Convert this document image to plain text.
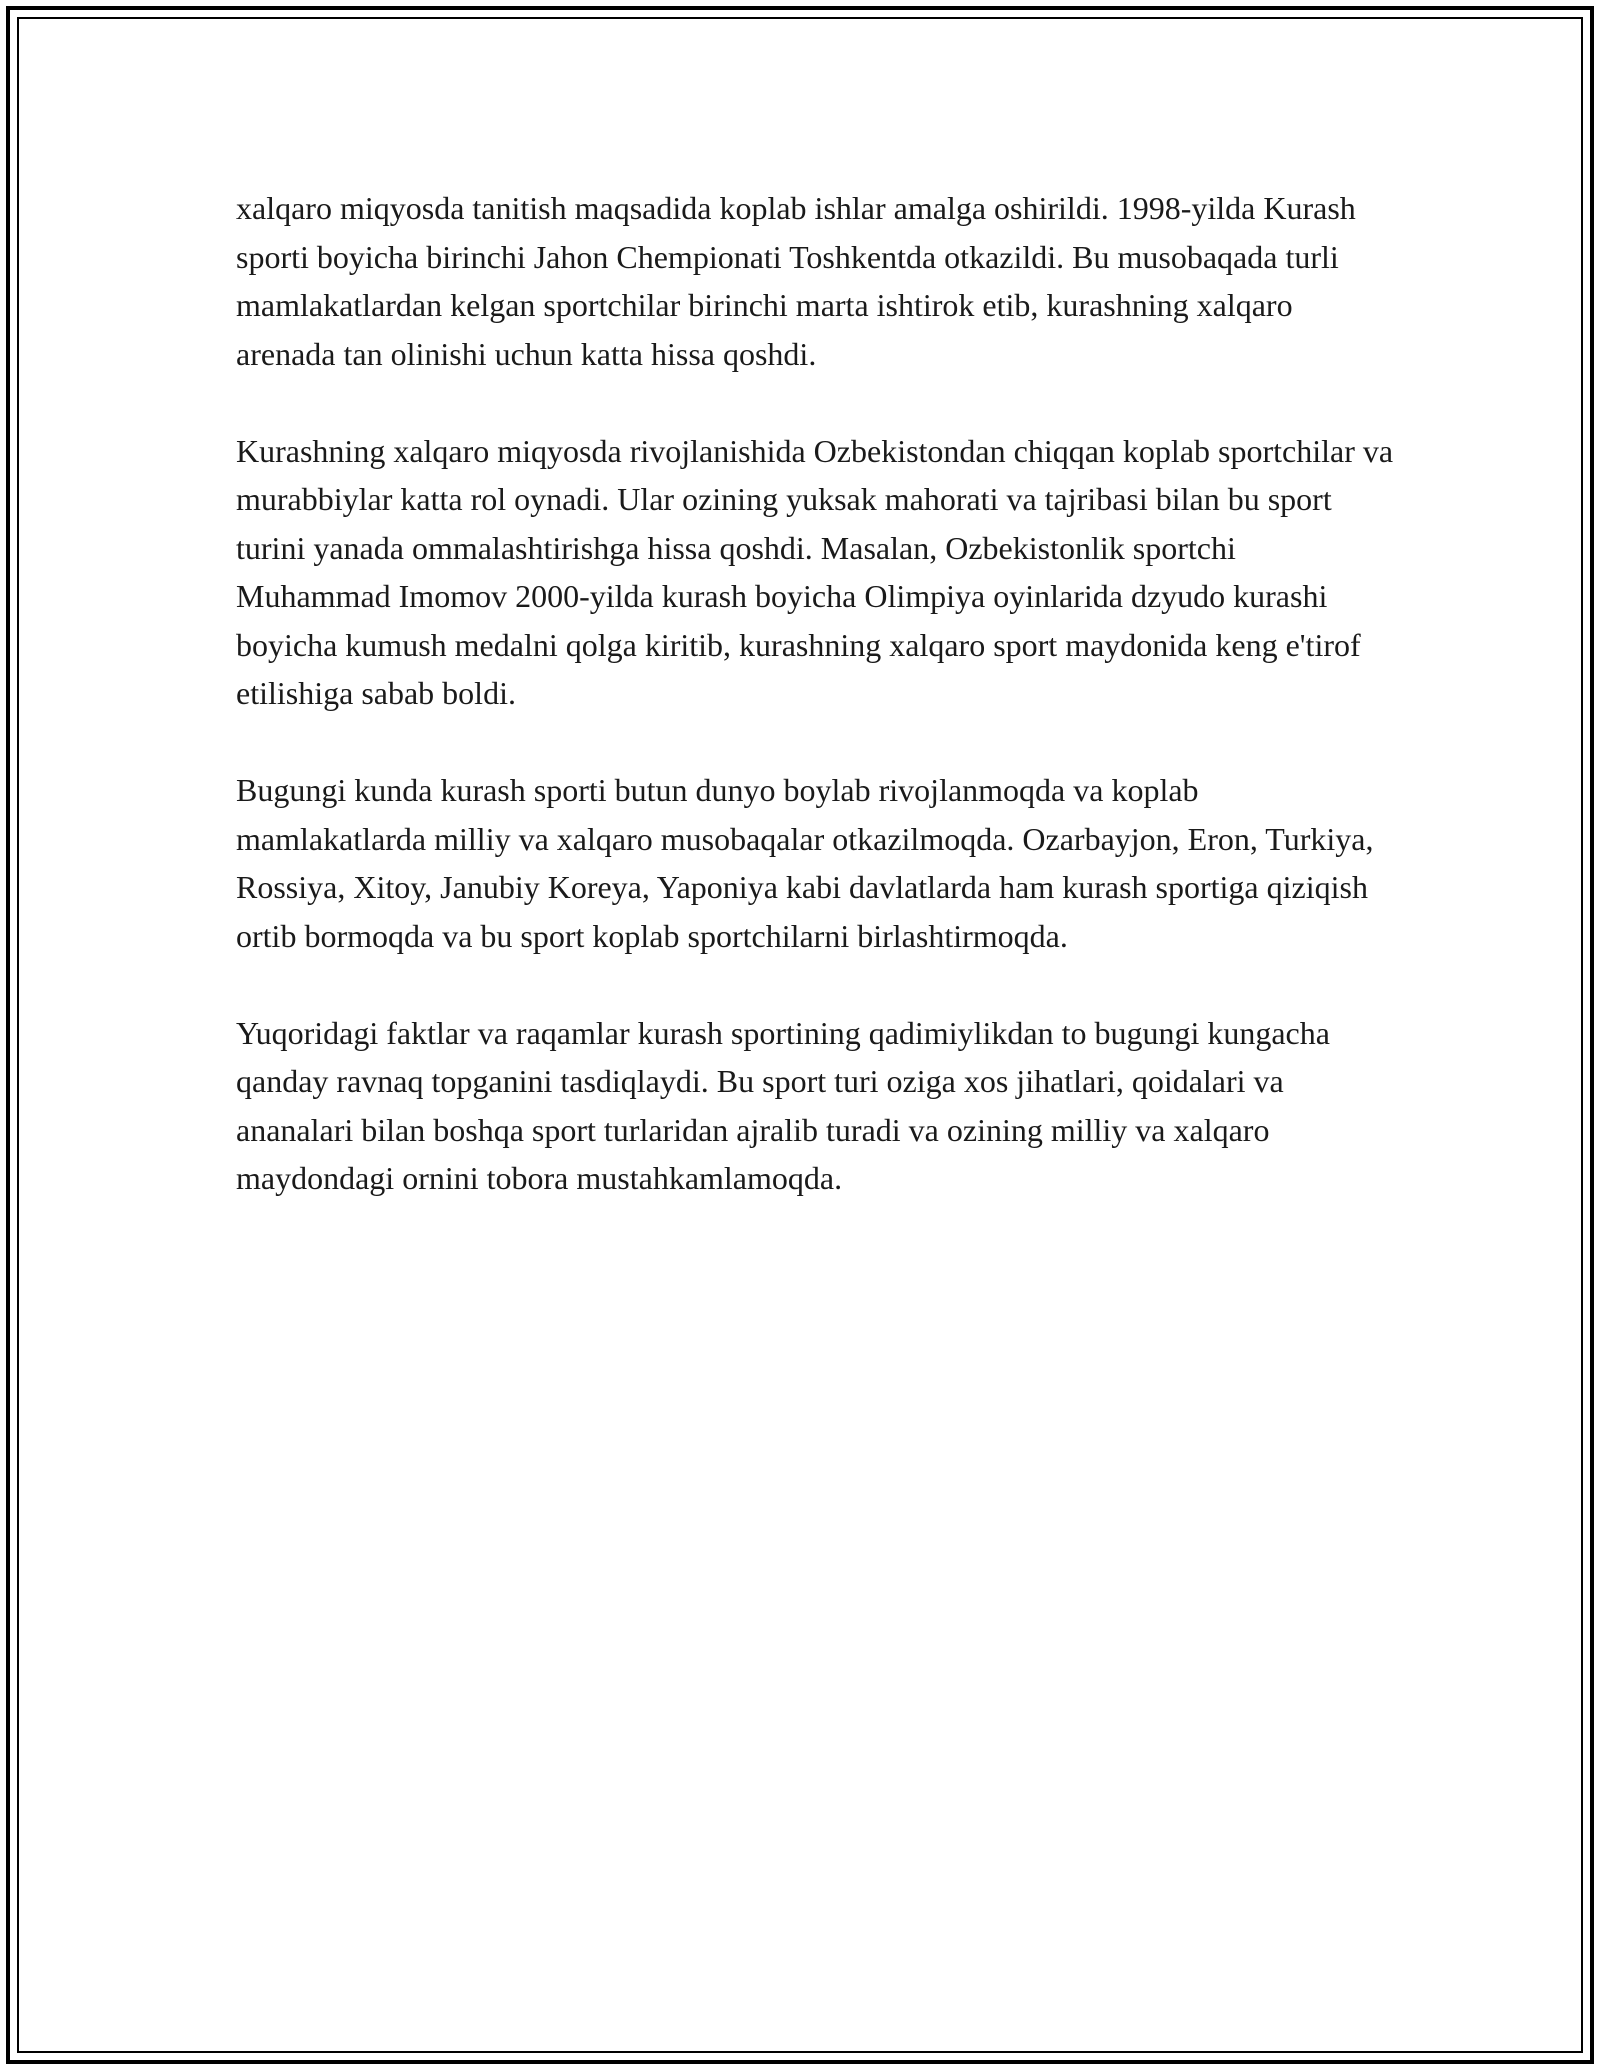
xalqaro miqyosda tanitish maqsadida koplab ishlar amalga oshirildi. 1998-yilda Kurash sporti boyicha birinchi Jahon Chempionati Toshkentda otkazildi. Bu musobaqada turli mamlakatlardan kelgan sportchilar birinchi marta ishtirok etib, kurashning xalqaro arenada tan olinishi uchun katta hissa qoshdi.

Kurashning xalqaro miqyosda rivojlanishida Ozbekistondan chiqqan koplab sportchilar va murabbiylar katta rol oynadi. Ular ozining yuksak mahorati va tajribasi bilan bu sport turini yanada ommalashtirishga hissa qoshdi. Masalan, Ozbekistonlik sportchi Muhammad Imomov 2000-yilda kurash boyicha Olimpiya oyinlarida dzyudo kurashi boyicha kumush medalni qolga kiritib, kurashning xalqaro sport maydonida keng e'tirof etilishiga sabab boldi.

Bugungi kunda kurash sporti butun dunyo boylab rivojlanmoqda va koplab mamlakatlarda milliy va xalqaro musobaqalar otkazilmoqda. Ozarbayjon, Eron, Turkiya, Rossiya, Xitoy, Janubiy Koreya, Yaponiya kabi davlatlarda ham kurash sportiga qiziqish ortib bormoqda va bu sport koplab sportchilarni birlashtirmoqda.

Yuqoridagi faktlar va raqamlar kurash sportining qadimiylikdan to bugungi kungacha qanday ravnaq topganini tasdiqlaydi. Bu sport turi oziga xos jihatlari, qoidalari va ananalari bilan boshqa sport turlaridan ajralib turadi va ozining milliy va xalqaro maydondagi ornini tobora mustahkamlamoqda.
